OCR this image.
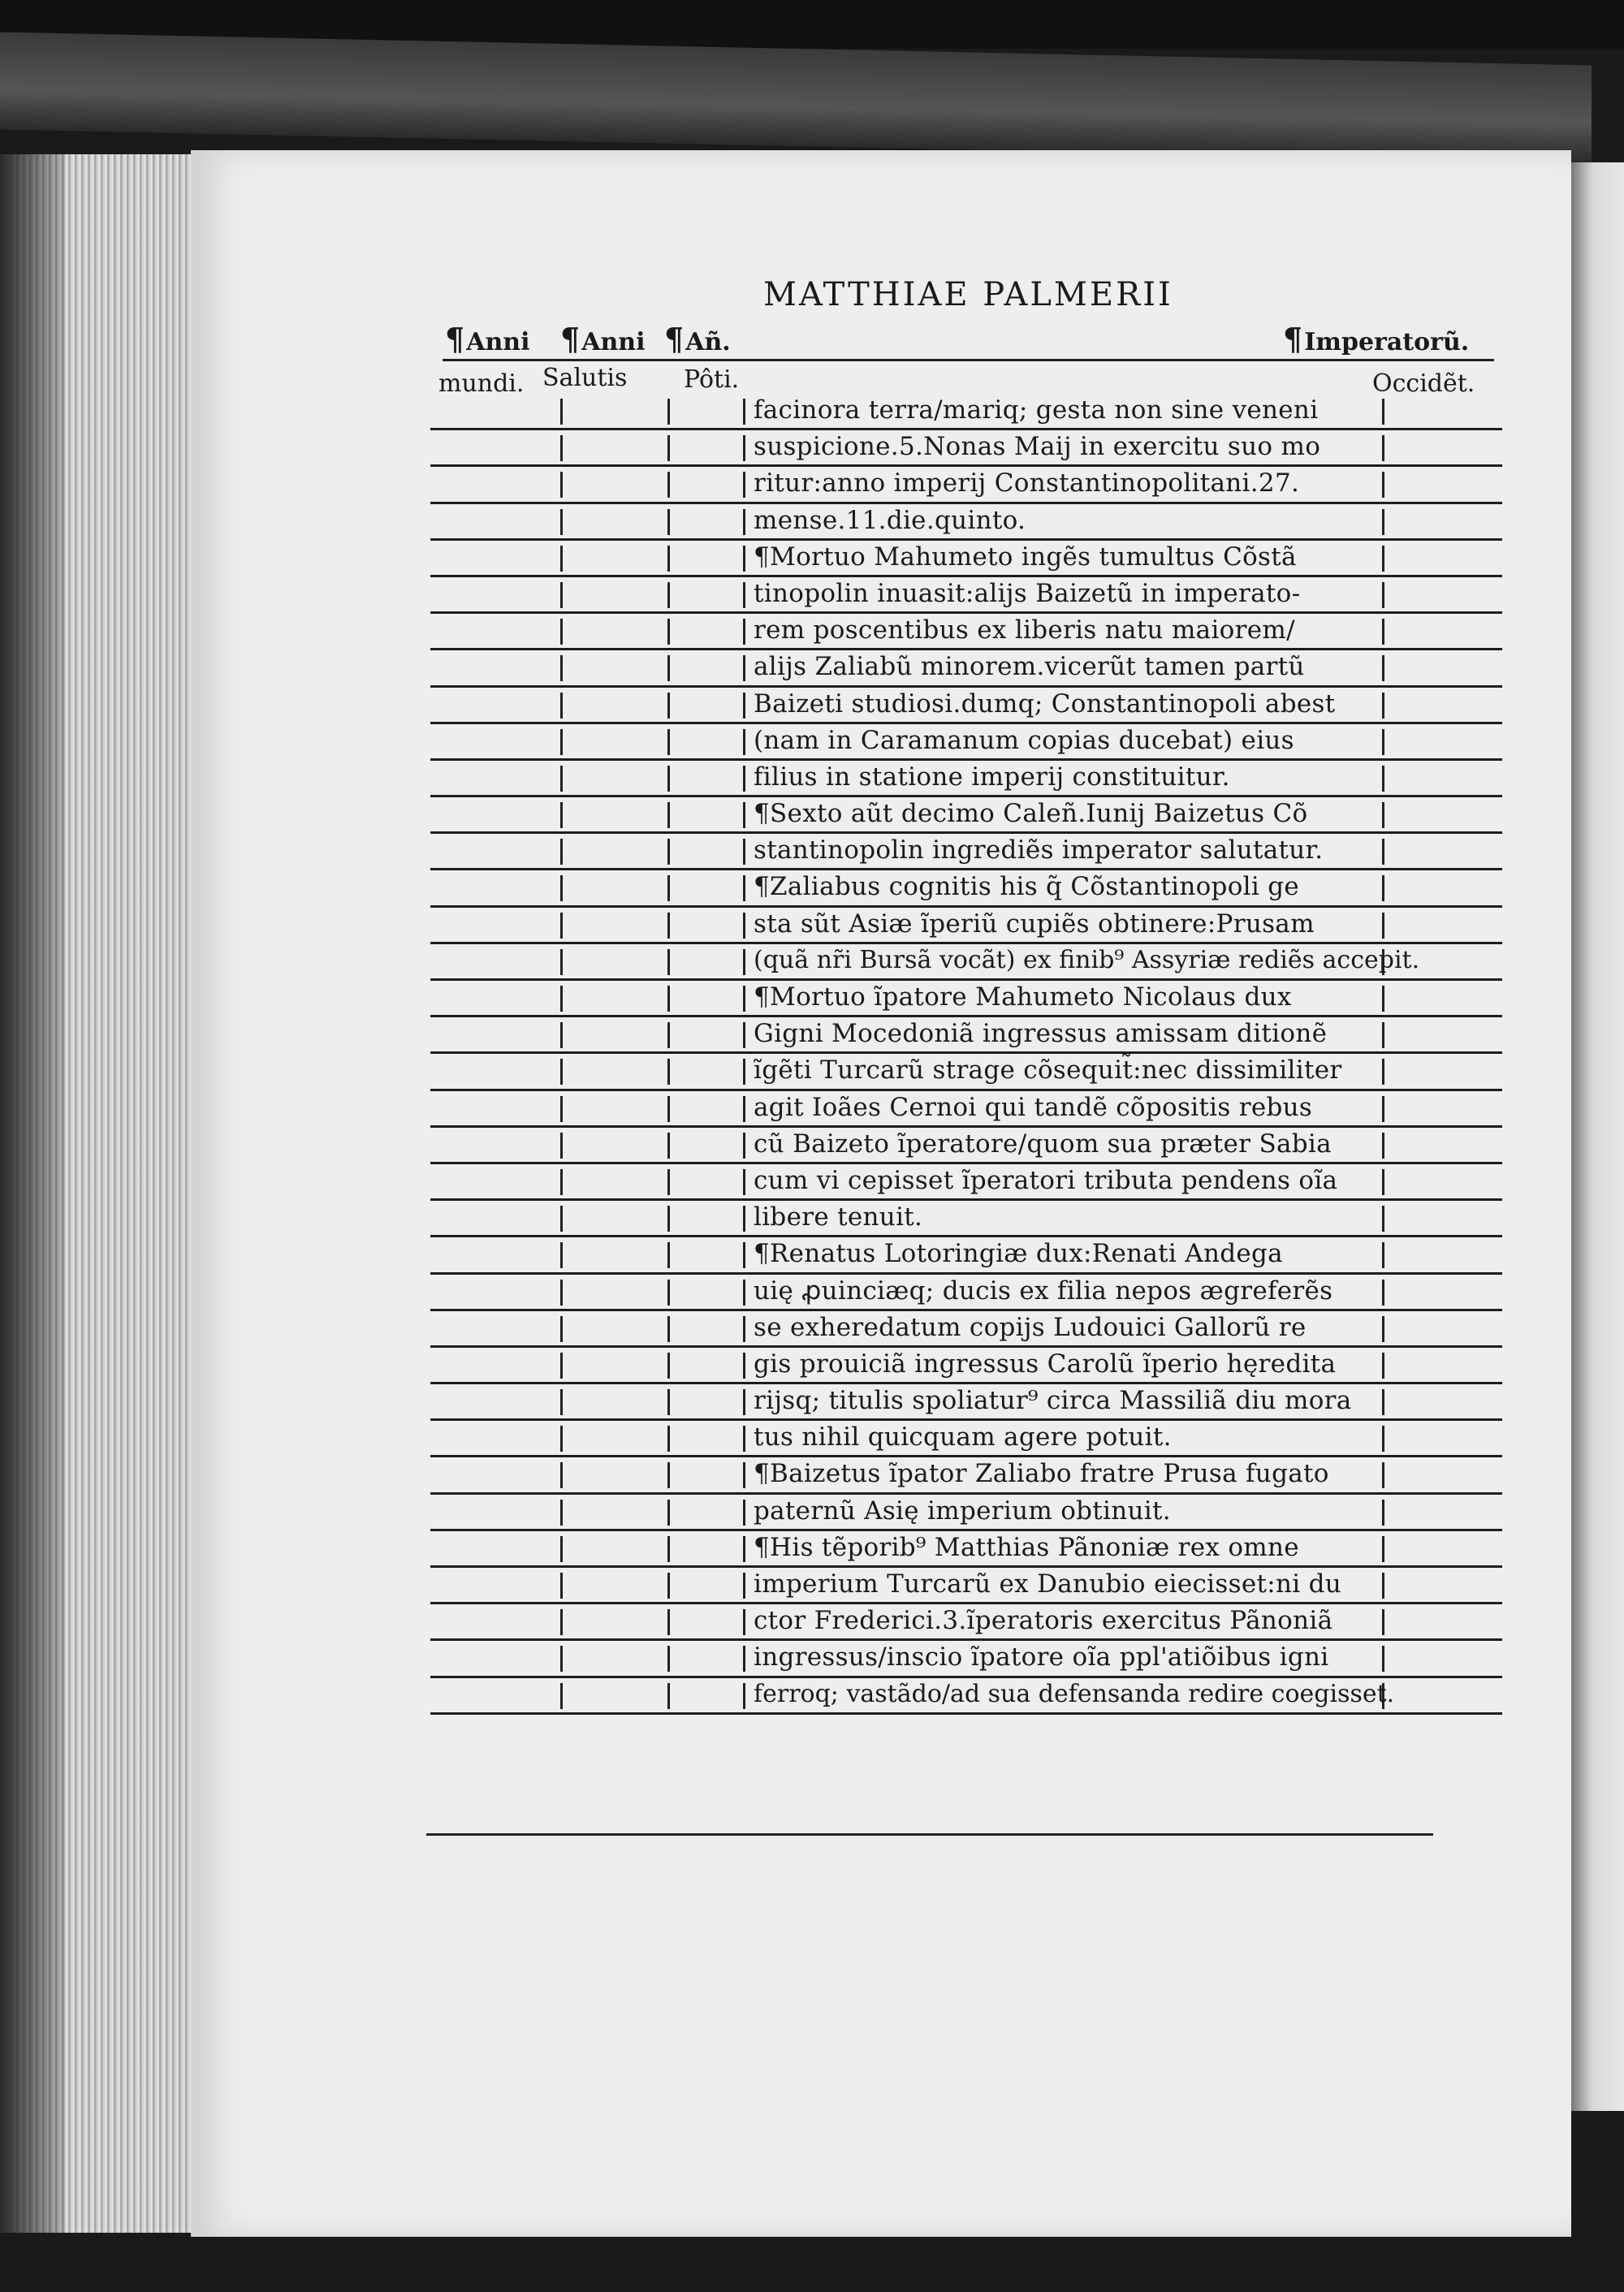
MATTHIAE PALMERII
¶Anni ¶Anni ¶Añ.	¶Imperatorũ.
mundi. Salutis Pôti.	Occidẽt.
facinora terra/mariq; gesta non sine veneni
suspicione.5.Nonas Maij in exercitu suo mo
ritur:anno imperij Constantinopolitani.27.
mense.11.die.quinto.
¶Mortuo Mahumeto ingẽs tumultus Cõstã
tinopolin inuasit:alijs Baizetũ in imperato-
rem poscentibus ex liberis natu maiorem/
alijs Zaliabũ minorem.vicerũt tamen partũ
Baizeti studiosi.dumq; Constantinopoli abest
(nam in Caramanum copias ducebat) eius
filius in statione imperij constituitur.
¶Sexto aũt decimo Caleñ.Iunij Baizetus Cõ
stantinopolin ingrediẽs imperator salutatur.
¶Zaliabus cognitis his q̃ Cõstantinopoli ge
sta sũt Asiæ ĩperiũ cupiẽs obtinere:Prusam
(quã nr̃i Bursã vocãt) ex finib⁹ Assyriæ rediẽs accepit.
¶Mortuo ĩpatore Mahumeto Nicolaus dux
Gigni Mocedoniã ingressus amissam ditionẽ
ĩgẽti Turcarũ strage cõsequit̃:nec dissimiliter
agit Ioães Cernoi qui tandẽ cõpositis rebus
cũ Baizeto ĩperatore/quom sua præter Sabia
cum vi cepisset ĩperatori tributa pendens oĩa
libere tenuit.
¶Renatus Lotoringiæ dux:Renati Andega
uię ꝓuinciæq; ducis ex filia nepos ægreferẽs
se exheredatum copijs Ludouici Gallorũ re
gis prouiciã ingressus Carolũ ĩperio hęredita
rijsq; titulis spoliatur⁹ circa Massiliã diu mora
tus nihil quicquam agere potuit.
¶Baizetus ĩpator Zaliabo fratre Prusa fugato
paternũ Asię imperium obtinuit.
¶His tẽporib⁹ Matthias Pãnoniæ rex omne
imperium Turcarũ ex Danubio eiecisset:ni du
ctor Frederici.3.ĩperatoris exercitus Pãnoniã
ingressus/inscio ĩpatore oĩa ppl'atiõibus igni
ferroq; vastãdo/ad sua defensanda redire coegisset.
